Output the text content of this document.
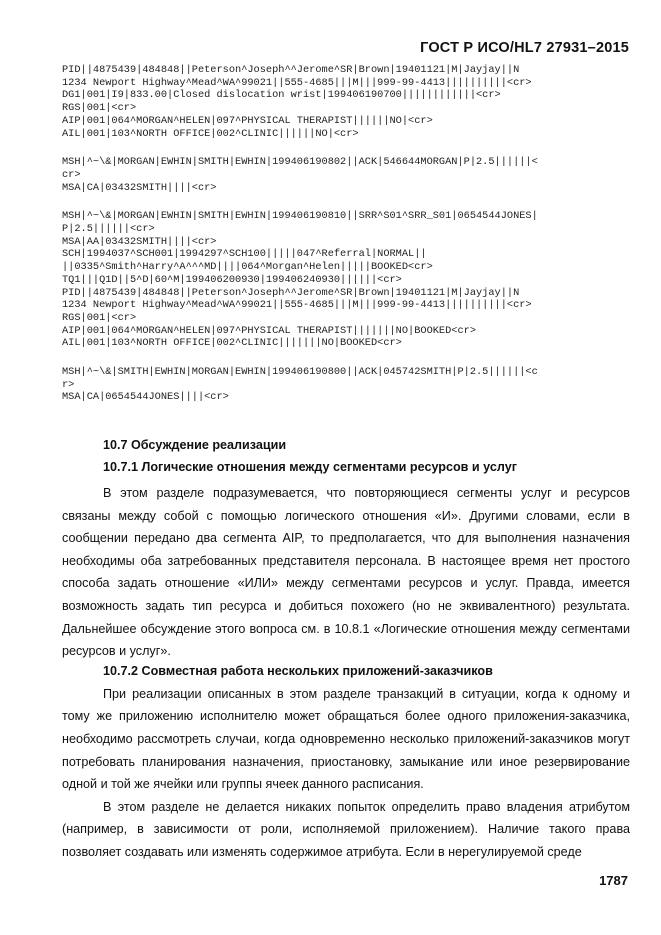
ГОСТ Р ИСО/HL7 27931–2015
PID||4875439|484848||Peterson^Joseph^^Jerome^SR|Brown|19401121|M|Jayjay||N
1234 Newport Highway^Mead^WA^99021||555-4685|||M|||999-99-4413||||||||||<cr>
DG1|001|I9|833.00|Closed dislocation wrist|199406190700||||||||||||<cr>
RGS|001|<cr>
AIP|001|064^MORGAN^HELEN|097^PHYSICAL THERAPIST||||||NO|<cr>
AIL|001|103^NORTH OFFICE|002^CLINIC||||||NO|<cr>
MSH|^~\&|MORGAN|EWHIN|SMITH|EWHIN|199406190802||ACK|546644MORGAN|P|2.5||||||<
cr>
MSA|CA|03432SMITH||||<cr>
MSH|^~\&|MORGAN|EWHIN|SMITH|EWHIN|199406190810||SRR^S01^SRR_S01|0654544JONES|
P|2.5||||||<cr>
MSA|AA|03432SMITH||||<cr>
SCH|1994037^SCH001|1994297^SCH100|||||047^Referral|NORMAL||
||0335^Smith^Harry^A^^^MD||||064^Morgan^Helen|||||BOOKED<cr>
TQ1|||Q1D||5^D|60^M|199406200930|199406240930||||||<cr>
PID||4875439|484848||Peterson^Joseph^^Jerome^SR|Brown|19401121|M|Jayjay||N
1234 Newport Highway^Mead^WA^99021||555-4685|||M|||999-99-4413||||||||||<cr>
RGS|001|<cr>
AIP|001|064^MORGAN^HELEN|097^PHYSICAL THERAPIST|||||||NO|BOOKED<cr>
AIL|001|103^NORTH OFFICE|002^CLINIC|||||||NO|BOOKED<cr>
MSH|^~\&|SMITH|EWHIN|MORGAN|EWHIN|199406190800||ACK|045742SMITH|P|2.5||||||<c
r>
MSA|CA|0654544JONES||||<cr>
10.7 Обсуждение реализации
10.7.1 Логические отношения между сегментами ресурсов и услуг

В этом разделе подразумевается, что повторяющиеся сегменты услуг и ресурсов связаны между собой с помощью логического отношения «И». Другими словами, если в сообщении передано два сегмента AIP, то предполагается, что для выполнения назначения необходимы оба затребованных представителя персонала. В настоящее время нет простого способа задать отношение «ИЛИ» между сегментами ресурсов и услуг. Правда, имеется возможность задать тип ресурса и добиться похожего (но не эквивалентного) результата. Дальнейшее обсуждение этого вопроса см. в 10.8.1 «Логические отношения между сегментами ресурсов и услуг».

10.7.2 Совместная работа нескольких приложений-заказчиков

При реализации описанных в этом разделе транзакций в ситуации, когда к одному и тому же приложению исполнителю может обращаться более одного приложения-заказчика, необходимо рассмотреть случаи, когда одновременно несколько приложений-заказчиков могут потребовать планирования назначения, приостановку, замыкание или иное резервирование одной и той же ячейки или группы ячеек данного расписания.

В этом разделе не делается никаких попыток определить право владения атрибутом (например, в зависимости от роли, исполняемой приложением). Наличие такого права позволяет создавать или изменять содержимое атрибута. Если в нерегулируемой среде

1787
